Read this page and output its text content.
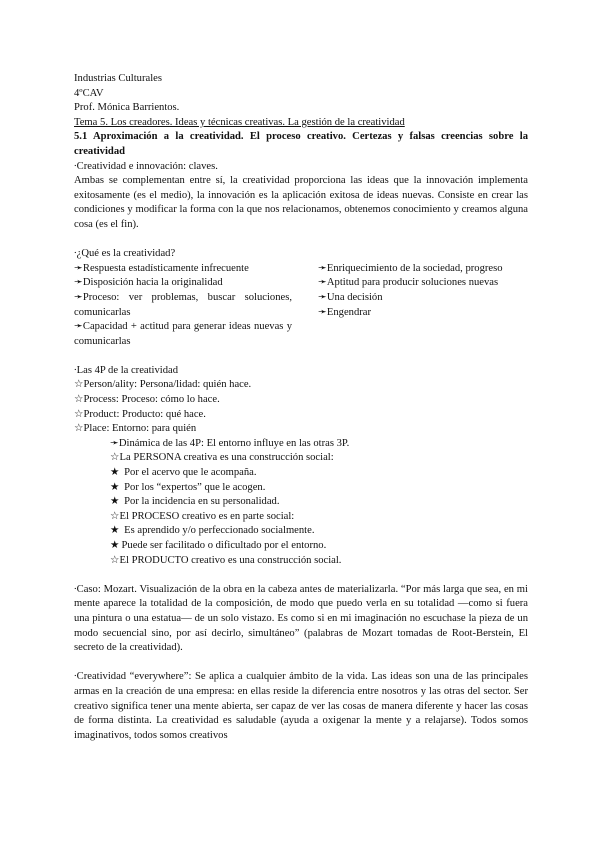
Industrias Culturales

4ºCAV

Prof. Mónica Barrientos.

Tema 5. Los creadores. Ideas y técnicas creativas. La gestión de la creatividad

5.1 Aproximación a la creatividad. El proceso creativo. Certezas y falsas creencias sobre la creatividad

∙Creatividad e innovación: claves.

Ambas se complementan entre sí, la creatividad proporciona las ideas que la innovación implementa exitosamente (es el medio), la innovación es la aplicación exitosa de ideas nuevas. Consiste en crear las condiciones y modificar la forma con la que nos relacionamos, obtenemos conocimiento y creamos alguna cosa (es el fin).

∙¿Qué es la creatividad?

➛Respuesta estadísticamente infrecuente

➛Disposición hacia la originalidad

➛Proceso: ver problemas, buscar soluciones, comunicarlas

➛Capacidad + actitud para generar ideas nuevas y comunicarlas

➛Enriquecimiento de la sociedad, progreso

➛Aptitud para producir soluciones nuevas

➛Una decisión

➛Engendrar

∙Las 4P de la creatividad

☆Person/ality: Persona/lidad: quién hace.

☆Process: Proceso: cómo lo hace.

☆Product: Producto: qué hace.

☆Place: Entorno: para quién

➛Dinámica de las 4P: El entorno influye en las otras 3P.

☆La PERSONA creativa es una construcción social:

★ Por el acervo que le acompaña.

★ Por los “expertos” que le acogen.

★ Por la incidencia en su personalidad.

☆El PROCESO creativo es en parte social:

★ Es aprendido y/o perfeccionado socialmente.

★ Puede ser facilitado o dificultado por el entorno.

☆El PRODUCTO creativo es una construcción social.

∙Caso: Mozart. Visualización de la obra en la cabeza antes de materializarla. “Por más larga que sea, en mi mente aparece la totalidad de la composición, de modo que puedo verla en su totalidad —como si fuera una pintura o una estatua— de un solo vistazo. Es como si en mi imaginación no escuchase la pieza de un modo secuencial sino, por así decirlo, simultáneo” (palabras de Mozart tomadas de Root-Berstein, El secreto de la creatividad).

∙Creatividad “everywhere”: Se aplica a cualquier ámbito de la vida. Las ideas son una de las principales armas en la creación de una empresa: en ellas reside la diferencia entre nosotros y las otras del sector. Ser creativo significa tener una mente abierta, ser capaz de ver las cosas de manera diferente y hacer las cosas de forma distinta. La creatividad es saludable (ayuda a oxigenar la mente y a relajarse). Todos somos imaginativos, todos somos creativos
